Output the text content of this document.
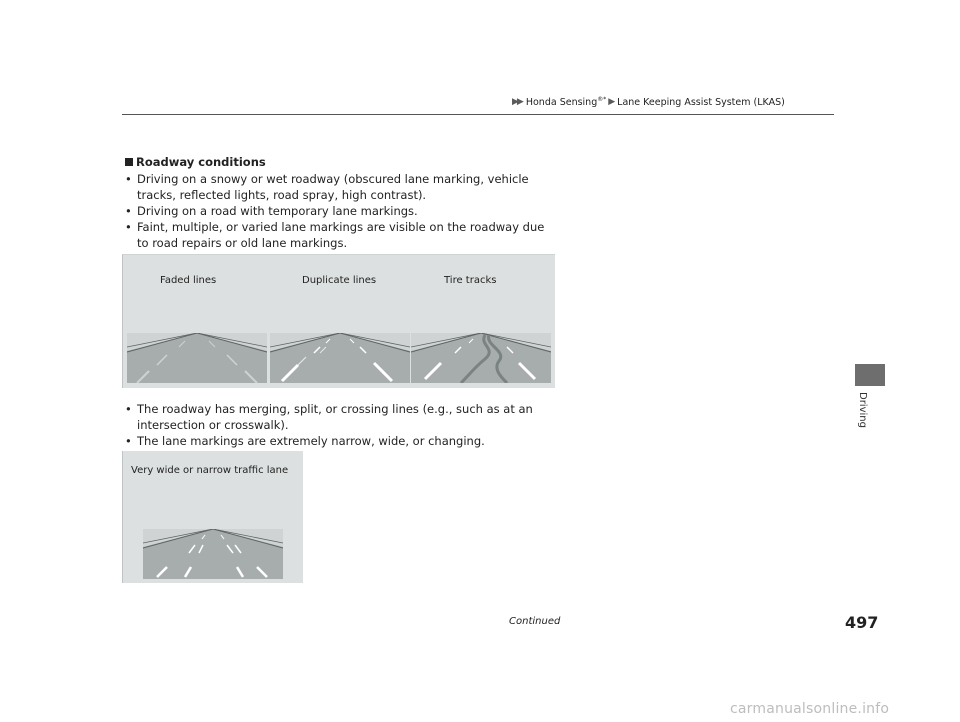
▶▶ Honda Sensing®* ▶ Lane Keeping Assist System (LKAS)
Driving
Roadway conditions
• Driving on a snowy or wet roadway (obscured lane marking, vehicle tracks, reflected lights, road spray, high contrast).
• Driving on a road with temporary lane markings.
• Faint, multiple, or varied lane markings are visible on the roadway due to road repairs or old lane markings.
Faded lines	Duplicate lines	Tire tracks
• The roadway has merging, split, or crossing lines (e.g., such as at an intersection or crosswalk).
• The lane markings are extremely narrow, wide, or changing.
Very wide or narrow traffic lane
Continued	497
carmanualsonline.info
